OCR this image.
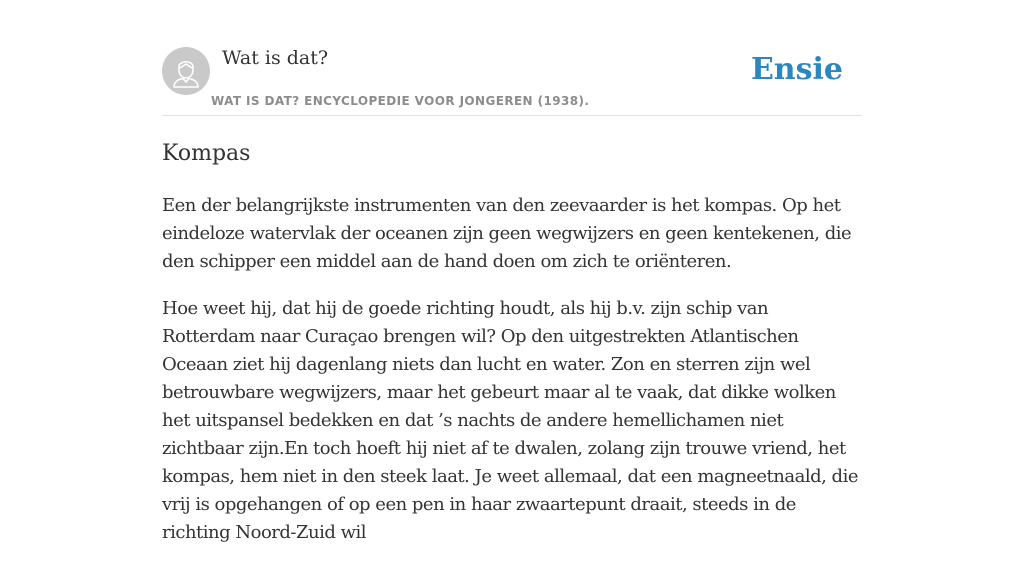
Wat is dat?
WAT IS DAT? ENCYCLOPEDIE VOOR JONGEREN (1938).
Ensie
Kompas

Een der belangrijkste instrumenten van den zeevaarder is het kompas. Op het eindeloze watervlak der oceanen zijn geen wegwijzers en geen kentekenen, die den schipper een middel aan de hand doen om zich te oriënteren.

Hoe weet hij, dat hij de goede richting houdt, als hij b.v. zijn schip van Rotterdam naar Curaçao brengen wil? Op den uitgestrekten Atlantischen Oceaan ziet hij dagenlang niets dan lucht en water. Zon en sterren zijn wel betrouwbare wegwijzers, maar het gebeurt maar al te vaak, dat dikke wolken het uitspansel bedekken en dat ’s nachts de andere hemellichamen niet zichtbaar zijn.En toch hoeft hij niet af te dwalen, zolang zijn trouwe vriend, het kompas, hem niet in den steek laat. Je weet allemaal, dat een magneetnaald, die vrij is opgehangen of op een pen in haar zwaartepunt draait, steeds in de richting Noord-Zuid wil
